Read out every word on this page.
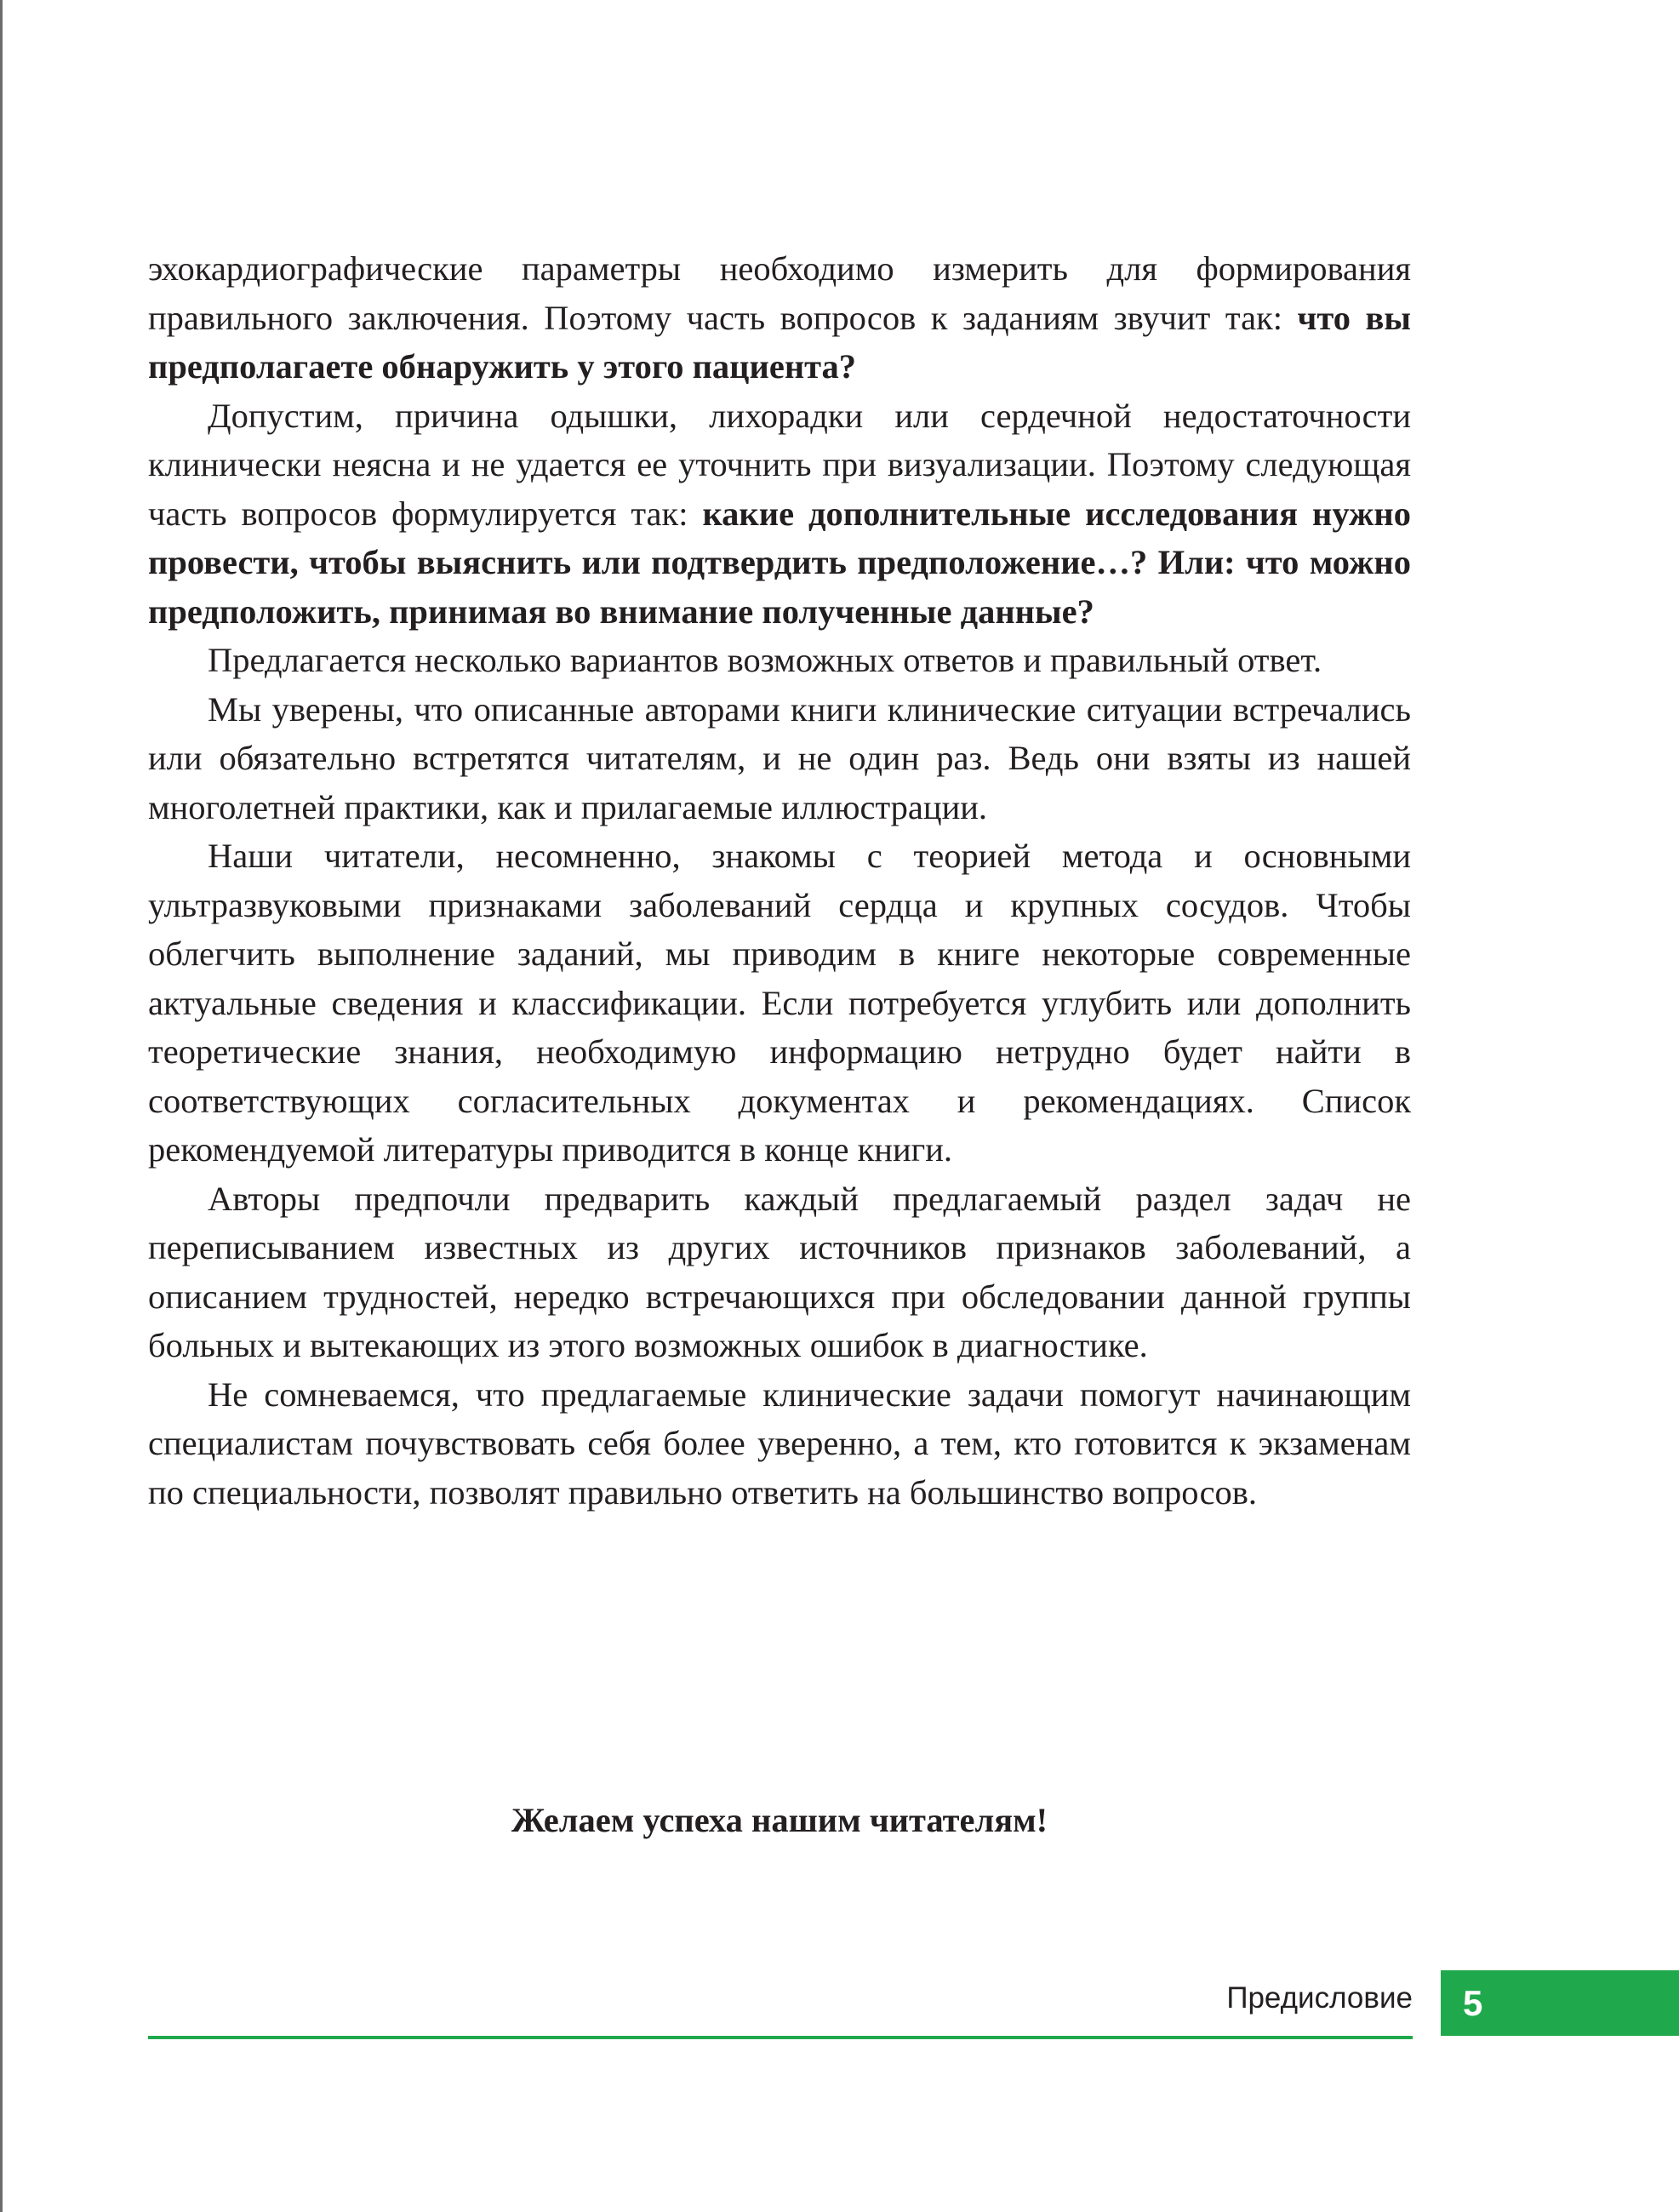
эхокардиографические параметры необходимо измерить для формирования правильного заключения. Поэтому часть вопросов к заданиям звучит так: что вы предполагаете обнаружить у этого пациента?

Допустим, причина одышки, лихорадки или сердечной недостаточности клинически неясна и не удается ее уточнить при визуализации. Поэтому следующая часть вопросов формулируется так: какие дополнительные исследования нужно провести, чтобы выяснить или подтвердить предположение…? Или: что можно предположить, принимая во внимание полученные данные?

Предлагается несколько вариантов возможных ответов и правильный ответ.

Мы уверены, что описанные авторами книги клинические ситуации встречались или обязательно встретятся читателям, и не один раз. Ведь они взяты из нашей многолетней практики, как и прилагаемые иллюстрации.

Наши читатели, несомненно, знакомы с теорией метода и основными ультразвуковыми признаками заболеваний сердца и крупных сосудов. Чтобы облегчить выполнение заданий, мы приводим в книге некоторые современные актуальные сведения и классификации. Если потребуется углубить или дополнить теоретические знания, необходимую информацию нетрудно будет найти в соответствующих согласительных документах и рекомендациях. Список рекомендуемой литературы приводится в конце книги.

Авторы предпочли предварить каждый предлагаемый раздел задач не переписыванием известных из других источников признаков заболеваний, а описанием трудностей, нередко встречающихся при обследовании данной группы больных и вытекающих из этого возможных ошибок в диагностике.

Не сомневаемся, что предлагаемые клинические задачи помогут начинающим специалистам почувствовать себя более уверенно, а тем, кто готовится к экзаменам по специальности, позволят правильно ответить на большинство вопросов.

Желаем успеха нашим читателям!
Предисловие 5
